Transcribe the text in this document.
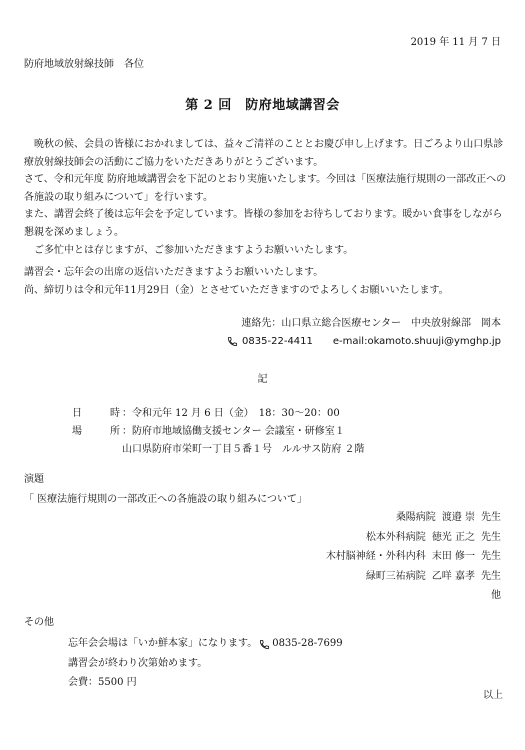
2019 年 11 月 7 日
防府地域放射線技師　各位
第 2 回　防府地域講習会

　晩秋の候、会員の皆様におかれましては、益々ご清祥のこととお慶び申し上げます。日ごろより山口県診療放射線技師会の活動にご協力をいただきありがとうございます。

さて、令和元年度 防府地域講習会を下記のとおり実施いたします。今回は「医療法施行規則の一部改正への各施設の取り組みについて」を行います。

また、講習会終了後は忘年会を予定しています。皆様の参加をお待ちしております。暖かい食事をしながら懇親を深めましょう。

　ご多忙中とは存じますが、ご参加いただきますようお願いいたします。

講習会・忘年会の出席の返信いただきますようお願いいたします。
尚、締切りは令和元年11月29日（金）とさせていただきますのでよろしくお願いいたします。
連絡先：山口県立総合医療センター　中央放射線部　岡本
0835-22-4411 e-mail:okamoto.shuuji@ymghp.jp
記
日	時 ：令和元年 12 月 6 日（金）　18：30〜20：00
場	所 ：防府市地域協働支援センター 会議室・研修室１
山口県防府市栄町一丁目５番１号　ルルサス防府 ２階
演題
「 医療法施行規則の一部改正への各施設の取り組みについて」
桑陽病院 渡邉 崇 先生
松本外科病院 徳光 正之 先生
木村脳神経・外科内科 末田 修一 先生
緑町三祐病院 乙咩 嘉孝 先生
他
その他
忘年会会場は「いか鮮本家」になります。 0835-28-7699
講習会が終わり次第始めます。
会費：5500 円
以上
